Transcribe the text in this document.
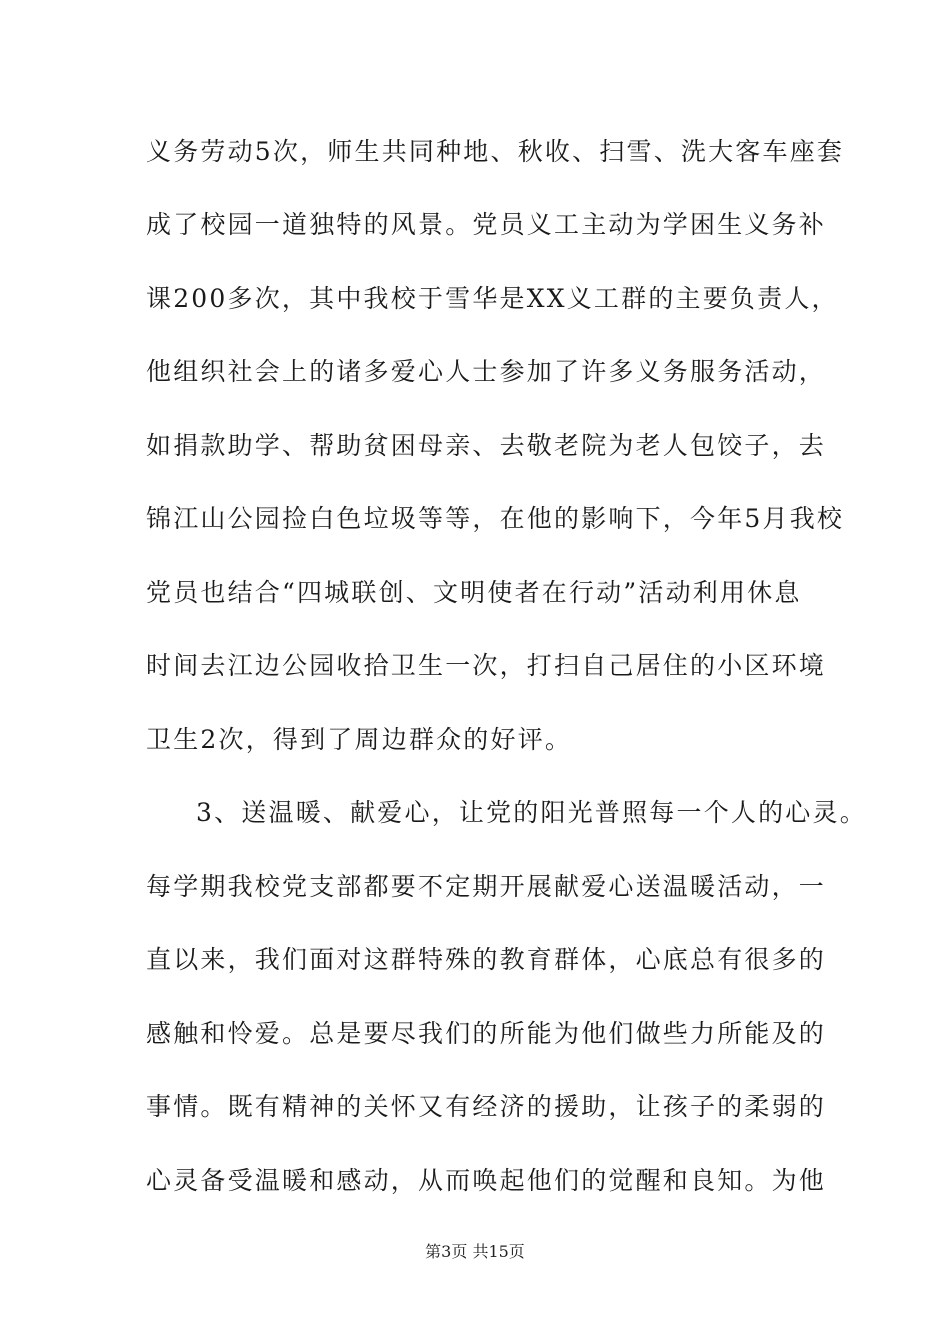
义务劳动5次，师生共同种地、秋收、扫雪、洗大客车座套
成了校园一道独特的风景。党员义工主动为学困生义务补
课200多次，其中我校于雪华是XX义工群的主要负责人，
他组织社会上的诸多爱心人士参加了许多义务服务活动，
如捐款助学、帮助贫困母亲、去敬老院为老人包饺子，去
锦江山公园捡白色垃圾等等，在他的影响下，今年5月我校
党员也结合“四城联创、文明使者在行动”活动利用休息
时间去江边公园收拾卫生一次，打扫自己居住的小区环境
卫生2次，得到了周边群众的好评。
3、送温暖、献爱心，让党的阳光普照每一个人的心灵。
每学期我校党支部都要不定期开展献爱心送温暖活动，一
直以来，我们面对这群特殊的教育群体，心底总有很多的
感触和怜爱。总是要尽我们的所能为他们做些力所能及的
事情。既有精神的关怀又有经济的援助，让孩子的柔弱的
心灵备受温暖和感动，从而唤起他们的觉醒和良知。为他
第3页 共15页
